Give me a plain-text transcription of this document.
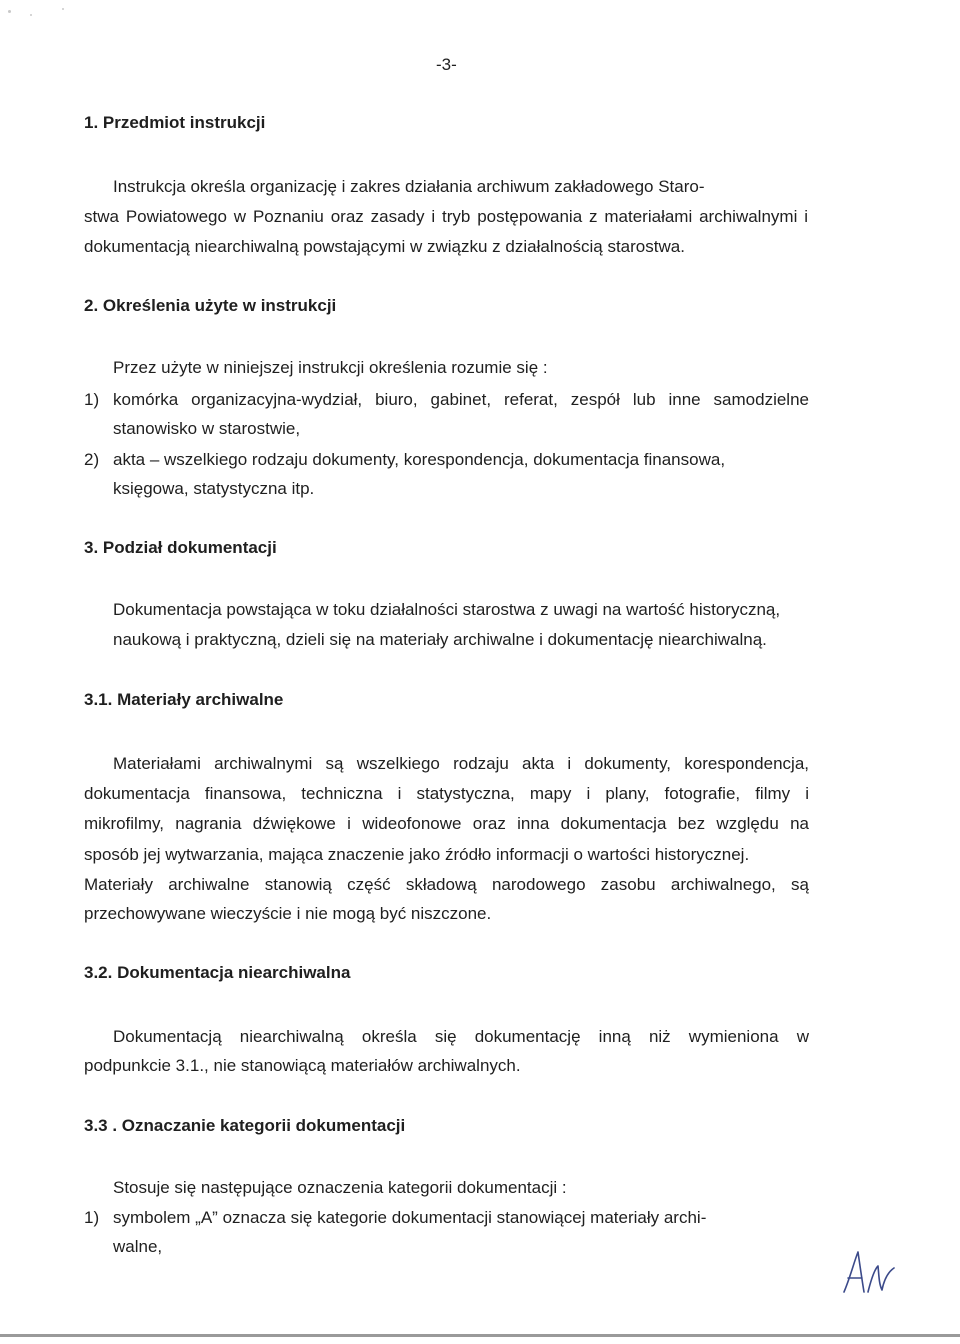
-3-
1. Przedmiot instrukcji
Instrukcja określa organizację i zakres działania archiwum zakładowego Staro-
stwa Powiatowego w Poznaniu oraz zasady i tryb postępowania z materiałami archiwalnymi i
dokumentacją niearchiwalną powstającymi w związku z działalnością starostwa.
2. Określenia użyte w instrukcji
Przez użyte w niniejszej instrukcji określenia rozumie się :
1) komórka organizacyjna-wydział, biuro, gabinet, referat, zespół lub inne samodzielne
stanowisko w starostwie,
2) akta – wszelkiego rodzaju dokumenty, korespondencja, dokumentacja finansowa,
księgowa, statystyczna itp.
3. Podział dokumentacji
Dokumentacja powstająca w toku działalności starostwa z uwagi na wartość historyczną,
naukową i praktyczną, dzieli się na materiały archiwalne i dokumentację niearchiwalną.
3.1. Materiały archiwalne
Materiałami archiwalnymi są wszelkiego rodzaju akta i dokumenty, korespondencja,
dokumentacja finansowa, techniczna i statystyczna, mapy i plany, fotografie, filmy i
mikrofilmy, nagrania dźwiękowe i wideofonowe oraz inna dokumentacja bez względu na
sposób jej wytwarzania, mająca znaczenie jako źródło informacji o wartości historycznej.
Materiały archiwalne stanowią część składową narodowego zasobu archiwalnego, są
przechowywane wieczyście i nie mogą być niszczone.
3.2. Dokumentacja niearchiwalna
Dokumentacją niearchiwalną określa się dokumentację inną niż wymieniona w
podpunkcie 3.1., nie stanowiącą materiałów archiwalnych.
3.3 . Oznaczanie kategorii dokumentacji
Stosuje się następujące oznaczenia kategorii dokumentacji :
1) symbolem „A” oznacza się kategorie dokumentacji stanowiącej materiały archi-
walne,
